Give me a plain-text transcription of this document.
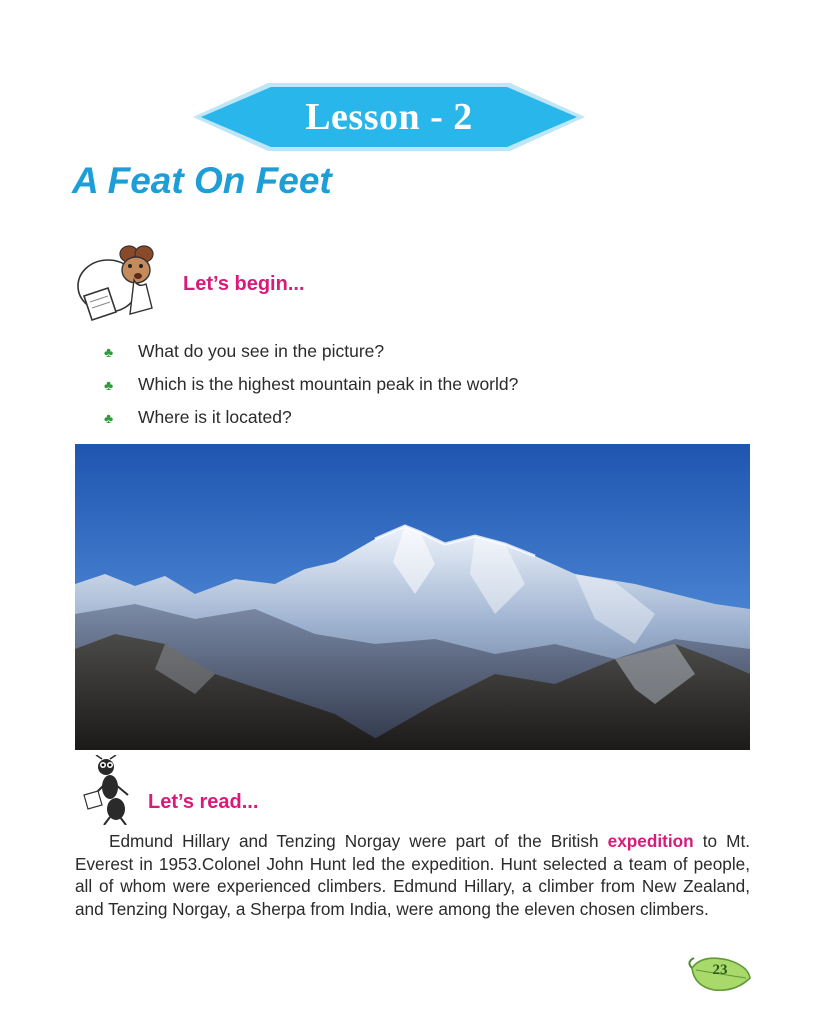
Lesson - 2
A Feat On Feet
Let’s begin...
♣	What do you see in the picture?
♣	Which is the highest mountain peak in the world?
♣	Where is it located?
Let’s read...

Edmund Hillary and Tenzing Norgay were part of the British expedition to Mt. Everest in 1953.Colonel John Hunt led the expedition. Hunt selected a team of people, all of whom were experienced climbers. Edmund Hillary, a climber from New Zealand, and Tenzing Norgay, a Sherpa from India, were among the eleven chosen climbers.

23
